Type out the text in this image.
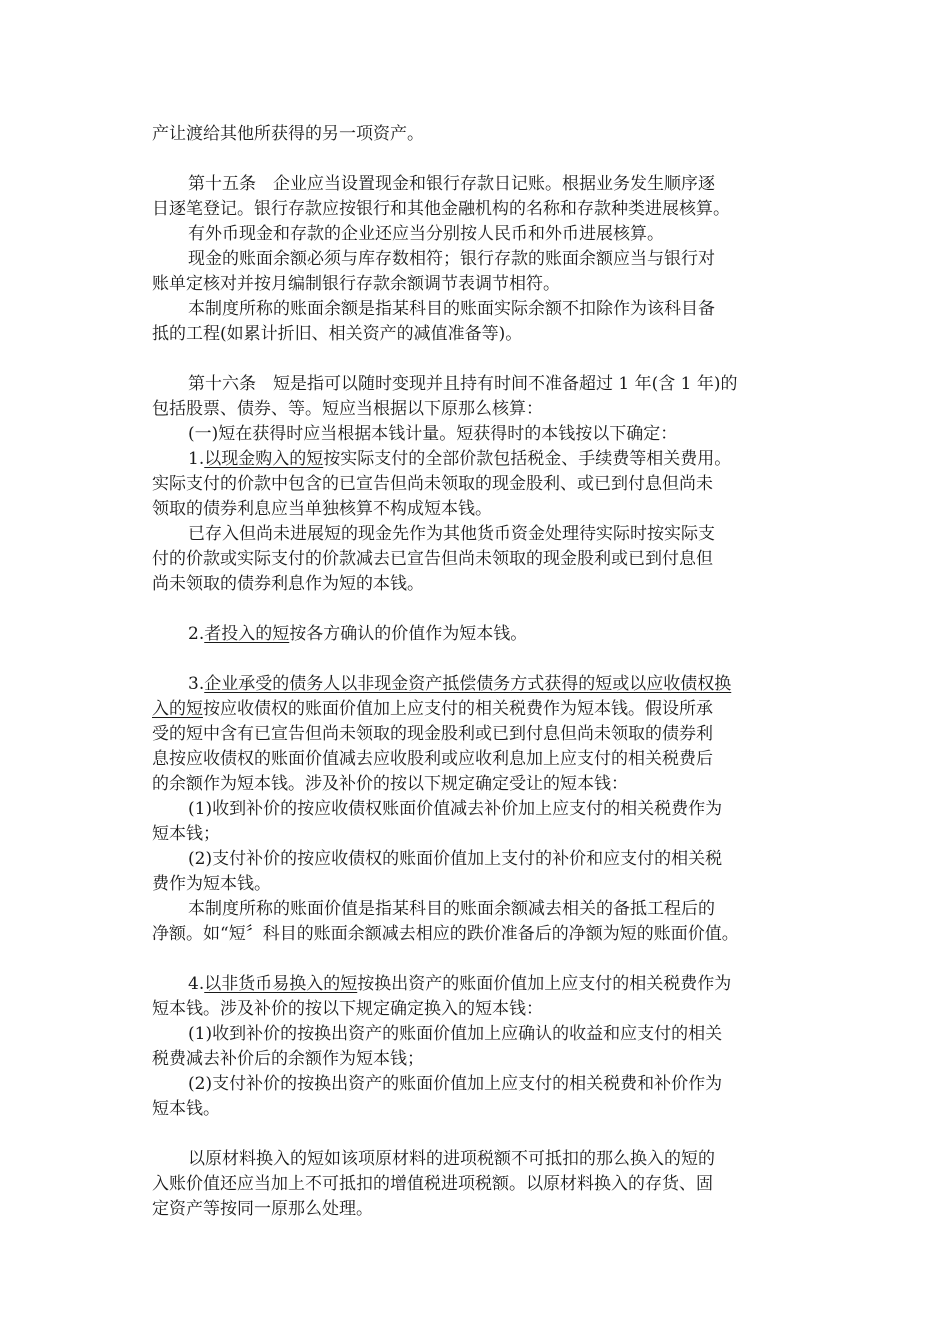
产让渡给其他所获得的另一项资产。
第十五条　企业应当设置现金和银行存款日记账。根据业务发生顺序逐
日逐笔登记。银行存款应按银行和其他金融机构的名称和存款种类进展核算。
有外币现金和存款的企业还应当分别按人民币和外币进展核算。
现金的账面余额必须与库存数相符；银行存款的账面余额应当与银行对
账单定核对并按月编制银行存款余额调节表调节相符。
本制度所称的账面余额是指某科目的账面实际余额不扣除作为该科目备
抵的工程(如累计折旧、相关资产的减值准备等)。
第十六条　短是指可以随时变现并且持有时间不准备超过 1 年(含 1 年)的
包括股票、债券、等。短应当根据以下原那么核算：
(一)短在获得时应当根据本钱计量。短获得时的本钱按以下确定：
1.以现金购入的短按实际支付的全部价款包括税金、手续费等相关费用。
实际支付的价款中包含的已宣告但尚未领取的现金股利、或已到付息但尚未
领取的债券利息应当单独核算不构成短本钱。
已存入但尚未进展短的现金先作为其他货币资金处理待实际时按实际支
付的价款或实际支付的价款减去已宣告但尚未领取的现金股利或已到付息但
尚未领取的债券利息作为短的本钱。
2.者投入的短按各方确认的价值作为短本钱。
3.企业承受的债务人以非现金资产抵偿债务方式获得的短或以应收债权换
入的短按应收债权的账面价值加上应支付的相关税费作为短本钱。假设所承
受的短中含有已宣告但尚未领取的现金股利或已到付息但尚未领取的债券利
息按应收债权的账面价值减去应收股利或应收利息加上应支付的相关税费后
的余额作为短本钱。涉及补价的按以下规定确定受让的短本钱：
(1)收到补价的按应收债权账面价值减去补价加上应支付的相关税费作为
短本钱；
(2)支付补价的按应收债权的账面价值加上支付的补价和应支付的相关税
费作为短本钱。
本制度所称的账面价值是指某科目的账面余额减去相关的备抵工程后的
净额。如“短〞科目的账面余额减去相应的跌价准备后的净额为短的账面价值。
4.以非货币易换入的短按换出资产的账面价值加上应支付的相关税费作为
短本钱。涉及补价的按以下规定确定换入的短本钱：
(1)收到补价的按换出资产的账面价值加上应确认的收益和应支付的相关
税费减去补价后的余额作为短本钱；
(2)支付补价的按换出资产的账面价值加上应支付的相关税费和补价作为
短本钱。
以原材料换入的短如该项原材料的进项税额不可抵扣的那么换入的短的
入账价值还应当加上不可抵扣的增值税进项税额。以原材料换入的存货、固
定资产等按同一原那么处理。
